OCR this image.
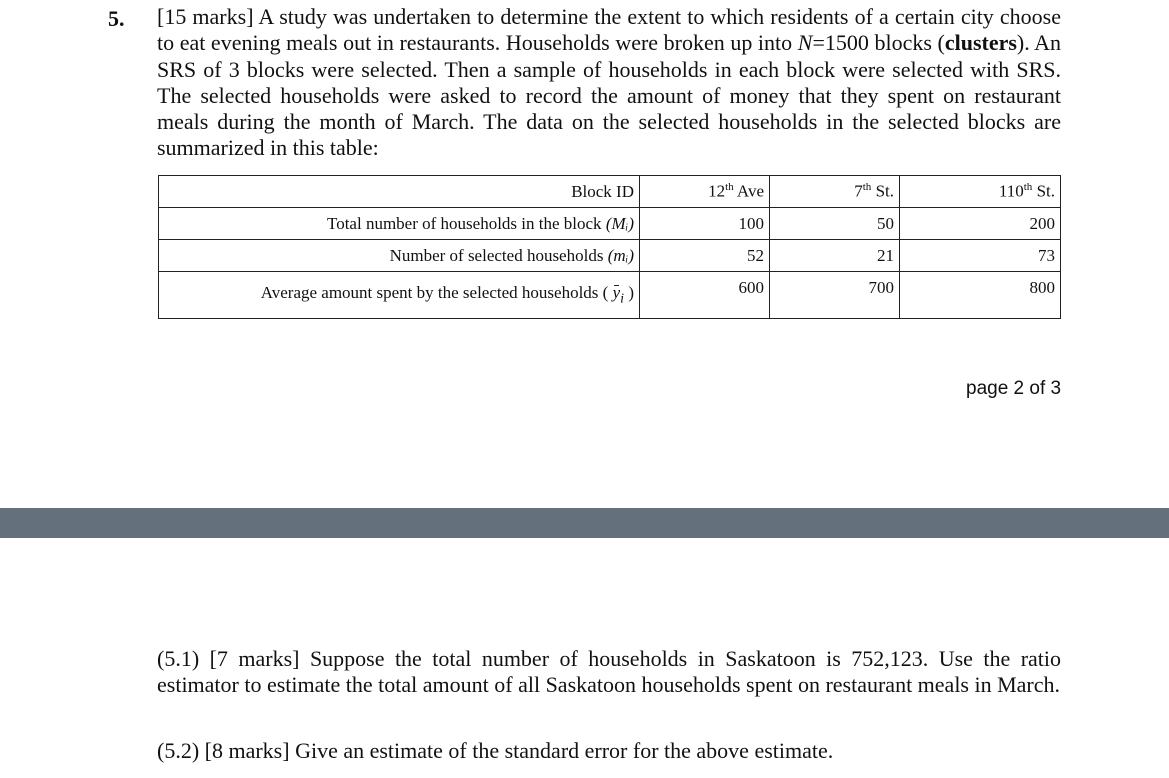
5. [15 marks] A study was undertaken to determine the extent to which residents of a certain city choose to eat evening meals out in restaurants. Households were broken up into N=1500 blocks (clusters). An SRS of 3 blocks were selected. Then a sample of households in each block were selected with SRS. The selected households were asked to record the amount of money that they spent on restaurant meals during the month of March. The data on the selected households in the selected blocks are summarized in this table:
Block ID	12th Ave	7th St.	110th St.
Total number of households in the block (Mᵢ)	100	50	200
Number of selected households (mᵢ)	52	21	73
Average amount spent by the selected households ( $y_i$ )	600	700	800
page 2 of 3
(5.1) [7 marks] Suppose the total number of households in Saskatoon is 752,123. Use the ratio estimator to estimate the total amount of all Saskatoon households spent on restaurant meals in March.
(5.2) [8 marks] Give an estimate of the standard error for the above estimate.
